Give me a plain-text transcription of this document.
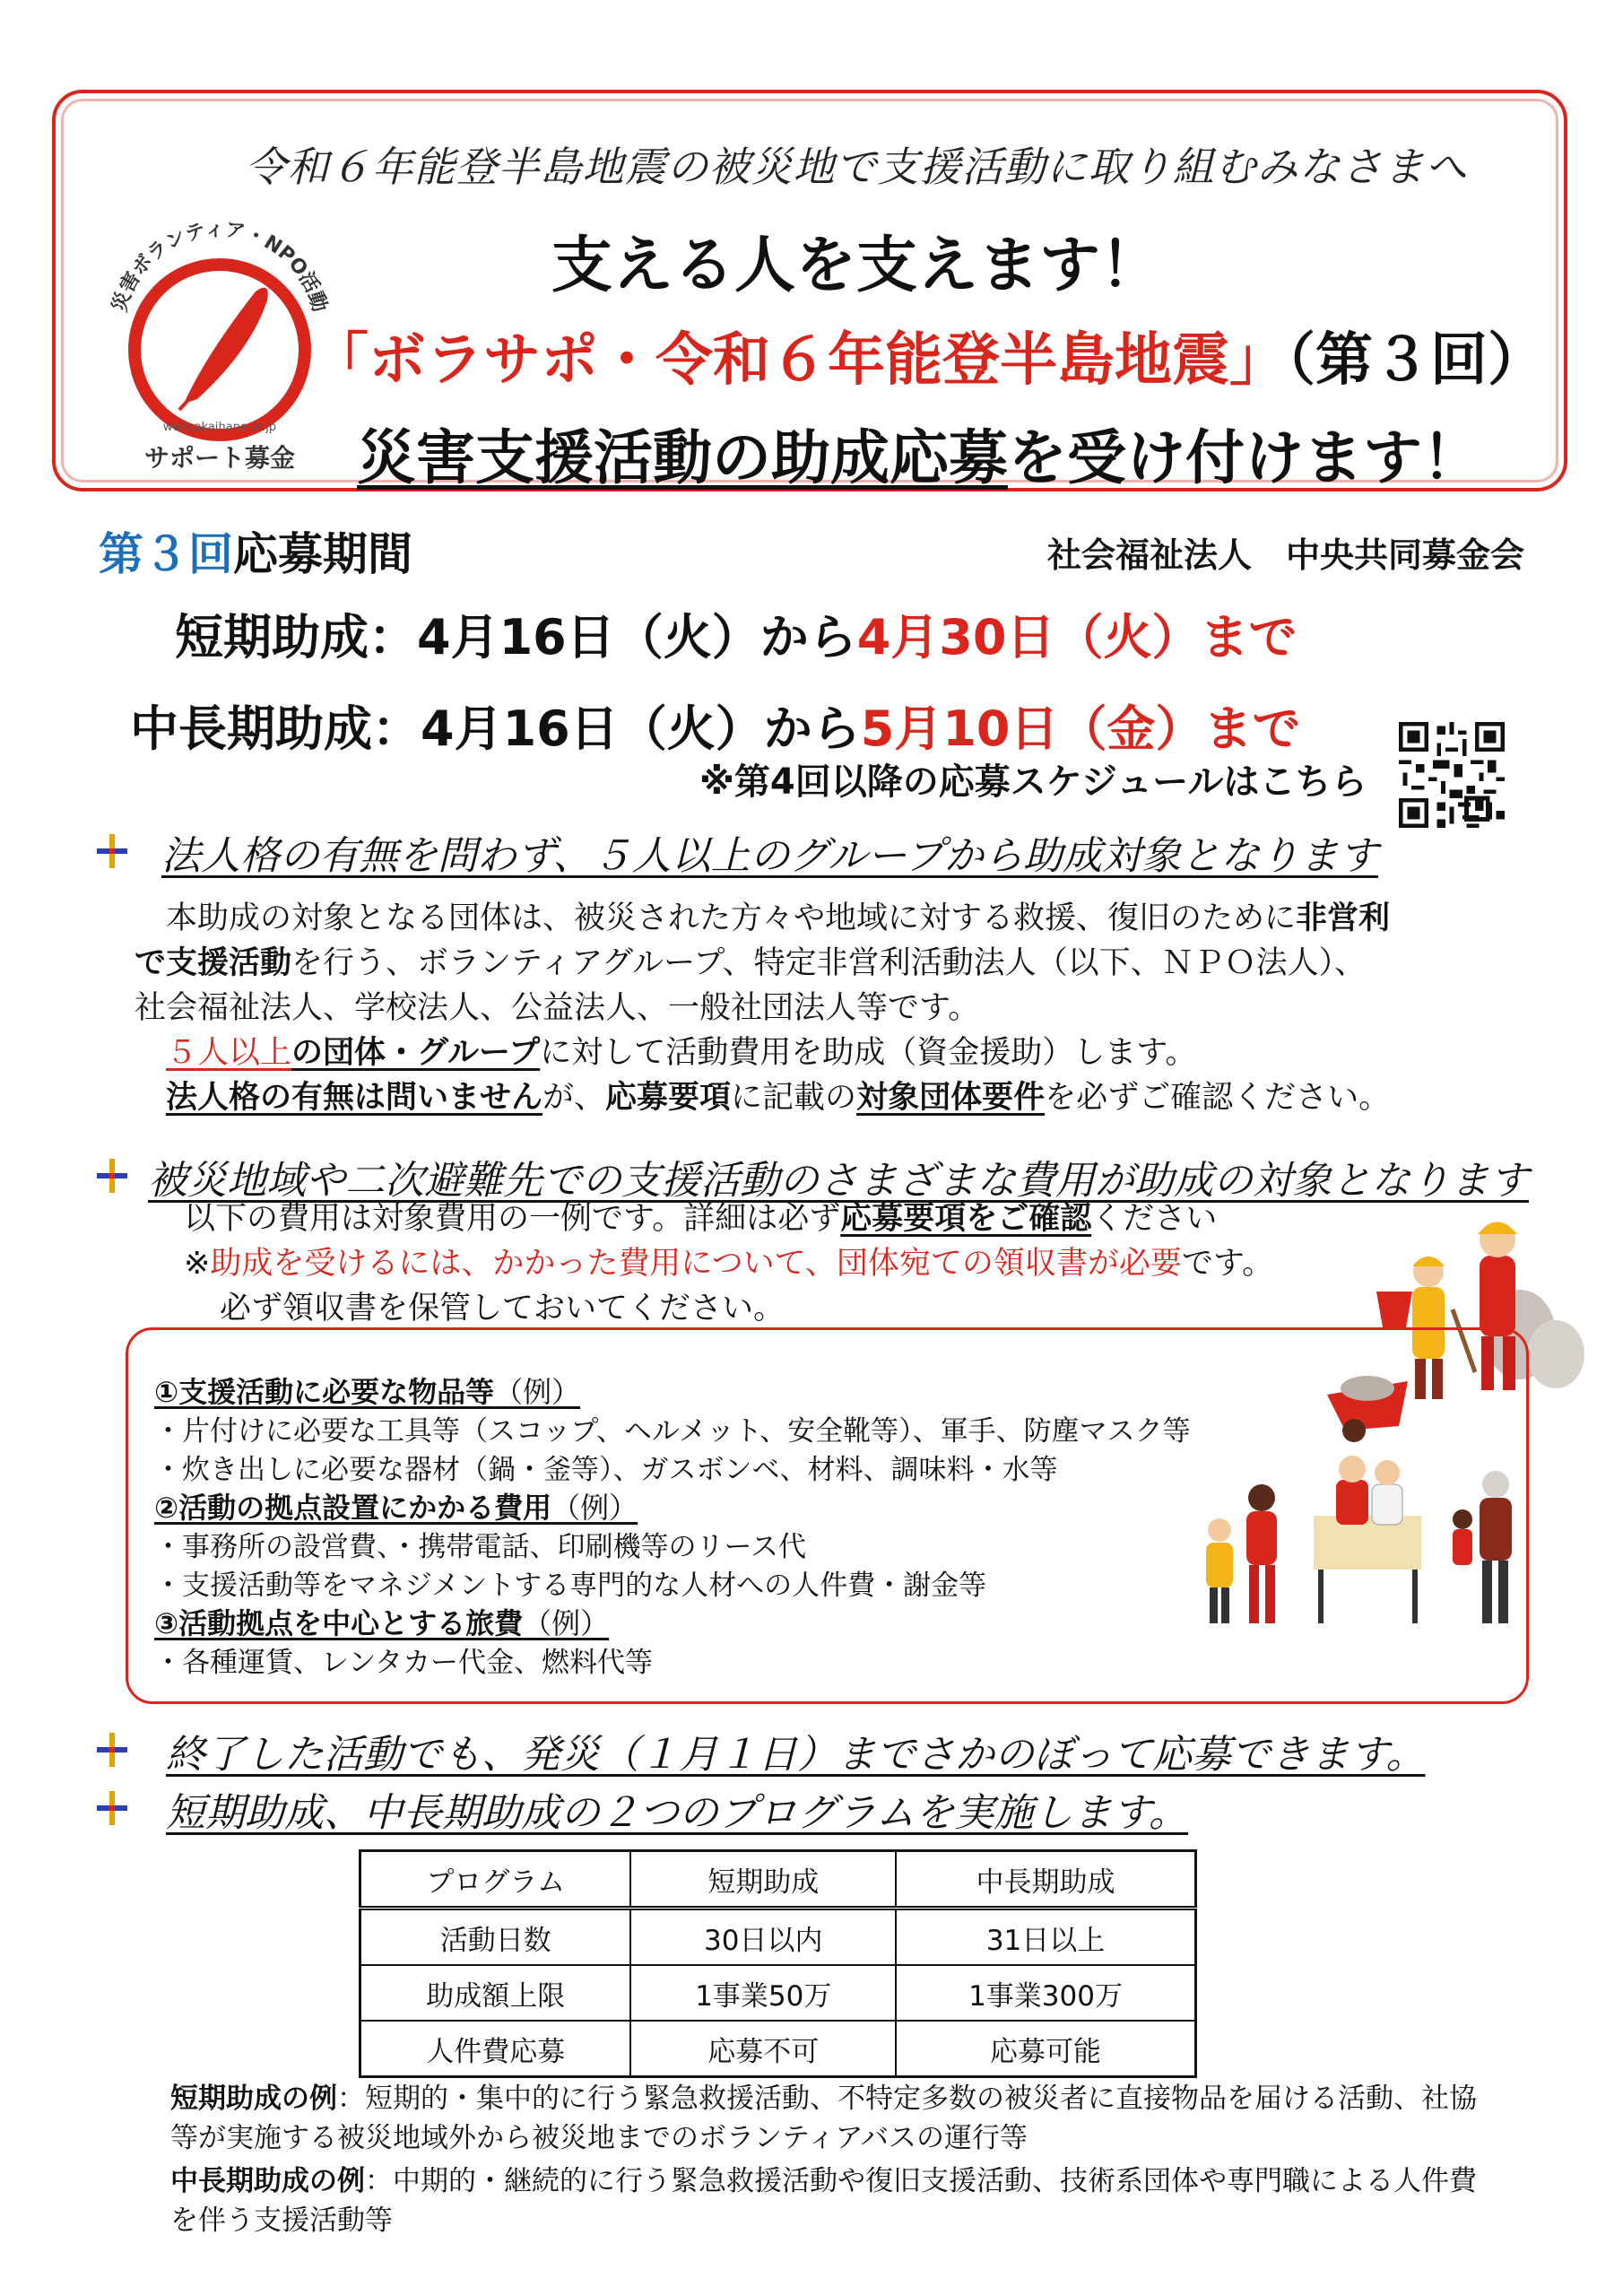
災害ボランティア・NPO活動
www.akaihane.or.jp
サポート募金
令和６年能登半島地震の被災地で支援活動に取り組むみなさまへ
支える人を支えます！
「ボラサポ・令和６年能登半島地震」（第３回）
災害支援活動の助成応募を受け付けます！
第３回応募期間	社会福祉法人　中央共同募金会
短期助成：4月16日（火）から4月30日（火）まで
中長期助成：4月16日（火）から5月10日（金）まで
※第4回以降の応募スケジュールはこちら
法人格の有無を問わず、５人以上のグループから助成対象となります
本助成の対象となる団体は、被災された方々や地域に対する救援、復旧のために非営利
で支援活動を行う、ボランティアグループ、特定非営利活動法人（以下、ＮＰＯ法人）、
社会福祉法人、学校法人、公益法人、一般社団法人等です。
５人以上の団体・グループに対して活動費用を助成（資金援助）します。
法人格の有無は問いませんが、応募要項に記載の対象団体要件を必ずご確認ください。
被災地域や二次避難先での支援活動のさまざまな費用が助成の対象となります
以下の費用は対象費用の一例です。詳細は必ず応募要項をご確認ください
※助成を受けるには、かかった費用について、団体宛ての領収書が必要です。
必ず領収書を保管しておいてください。
①支援活動に必要な物品等（例）
・片付けに必要な工具等（スコップ、ヘルメット、安全靴等）、軍手、防塵マスク等
・炊き出しに必要な器材（鍋・釜等）、ガスボンベ、材料、調味料・水等
②活動の拠点設置にかかる費用（例）
・事務所の設営費、・携帯電話、印刷機等のリース代
・支援活動等をマネジメントする専門的な人材への人件費・謝金等
③活動拠点を中心とする旅費（例）
・各種運賃、レンタカー代金、燃料代等
終了した活動でも、発災（１月１日）までさかのぼって応募できます。
短期助成、中長期助成の２つのプログラムを実施します。
プログラム	短期助成	中長期助成
活動日数	30日以内	31日以上
助成額上限	1事業50万	1事業300万
人件費応募	応募不可	応募可能
短期助成の例：短期的・集中的に行う緊急救援活動、不特定多数の被災者に直接物品を届ける活動、社協
等が実施する被災地域外から被災地までのボランティアバスの運行等
中長期助成の例：中期的・継続的に行う緊急救援活動や復旧支援活動、技術系団体や専門職による人件費
を伴う支援活動等
